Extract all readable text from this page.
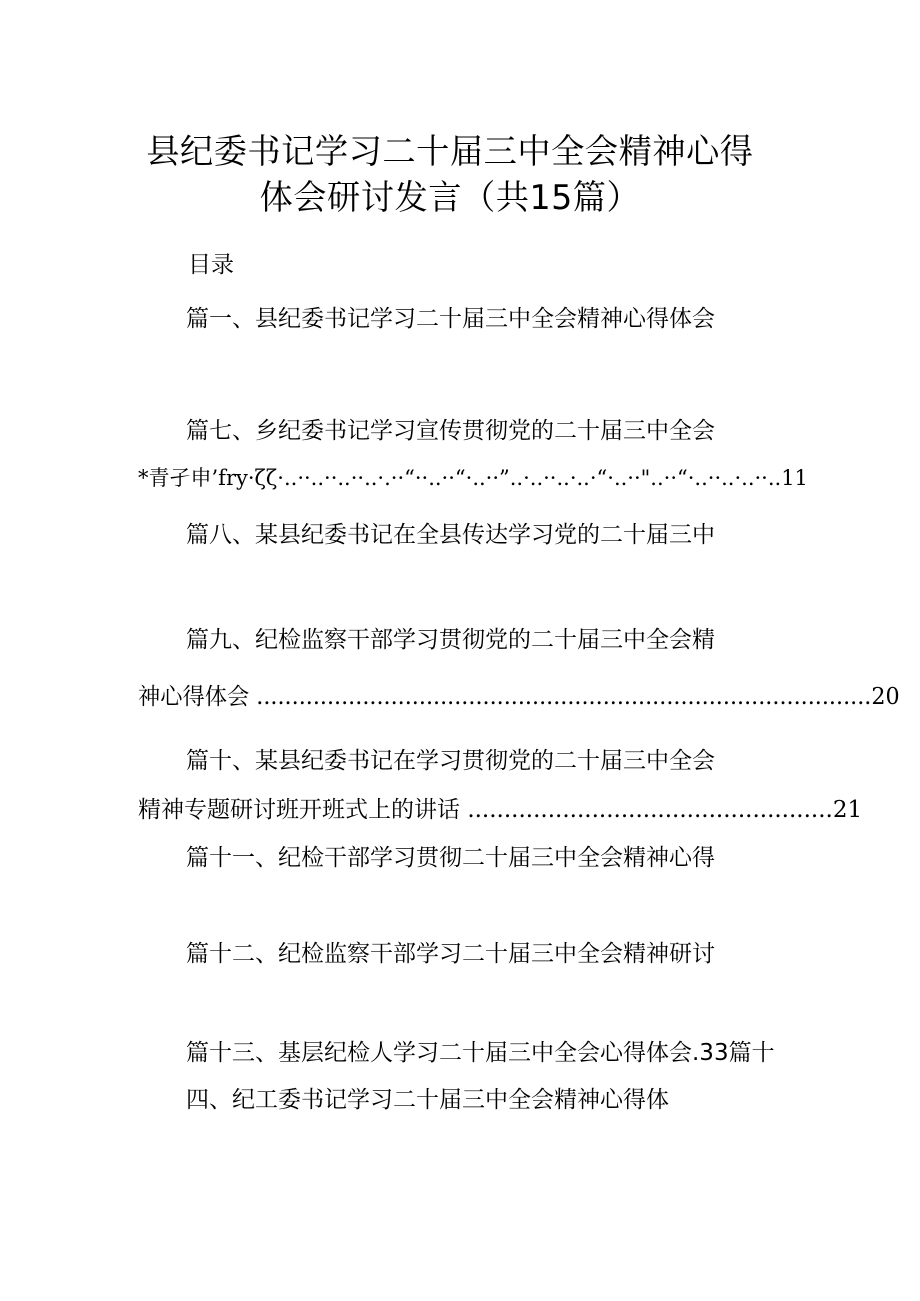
县纪委书记学习二十届三中全会精神心得
体会研讨发言（共15篇）
目录
篇一、县纪委书记学习二十届三中全会精神心得体会
篇七、乡纪委书记学习宣传贯彻党的二十届三中全会
*青孑申’fry·ζζ·..··..··..··..·.··“··..··“·..··”..·..··..·..·“·..··"..··“·..··..·..··..11
篇八、某县纪委书记在全县传达学习党的二十届三中
篇九、纪检监察干部学习贯彻党的二十届三中全会精
神心得体会 .......................................................................................20
篇十、某县纪委书记在学习贯彻党的二十届三中全会
精神专题研讨班开班式上的讲话 ..................................................21
篇十一、纪检干部学习贯彻二十届三中全会精神心得
篇十二、纪检监察干部学习二十届三中全会精神研讨
篇十三、基层纪检人学习二十届三中全会心得体会.33篇十
四、纪工委书记学习二十届三中全会精神心得体
